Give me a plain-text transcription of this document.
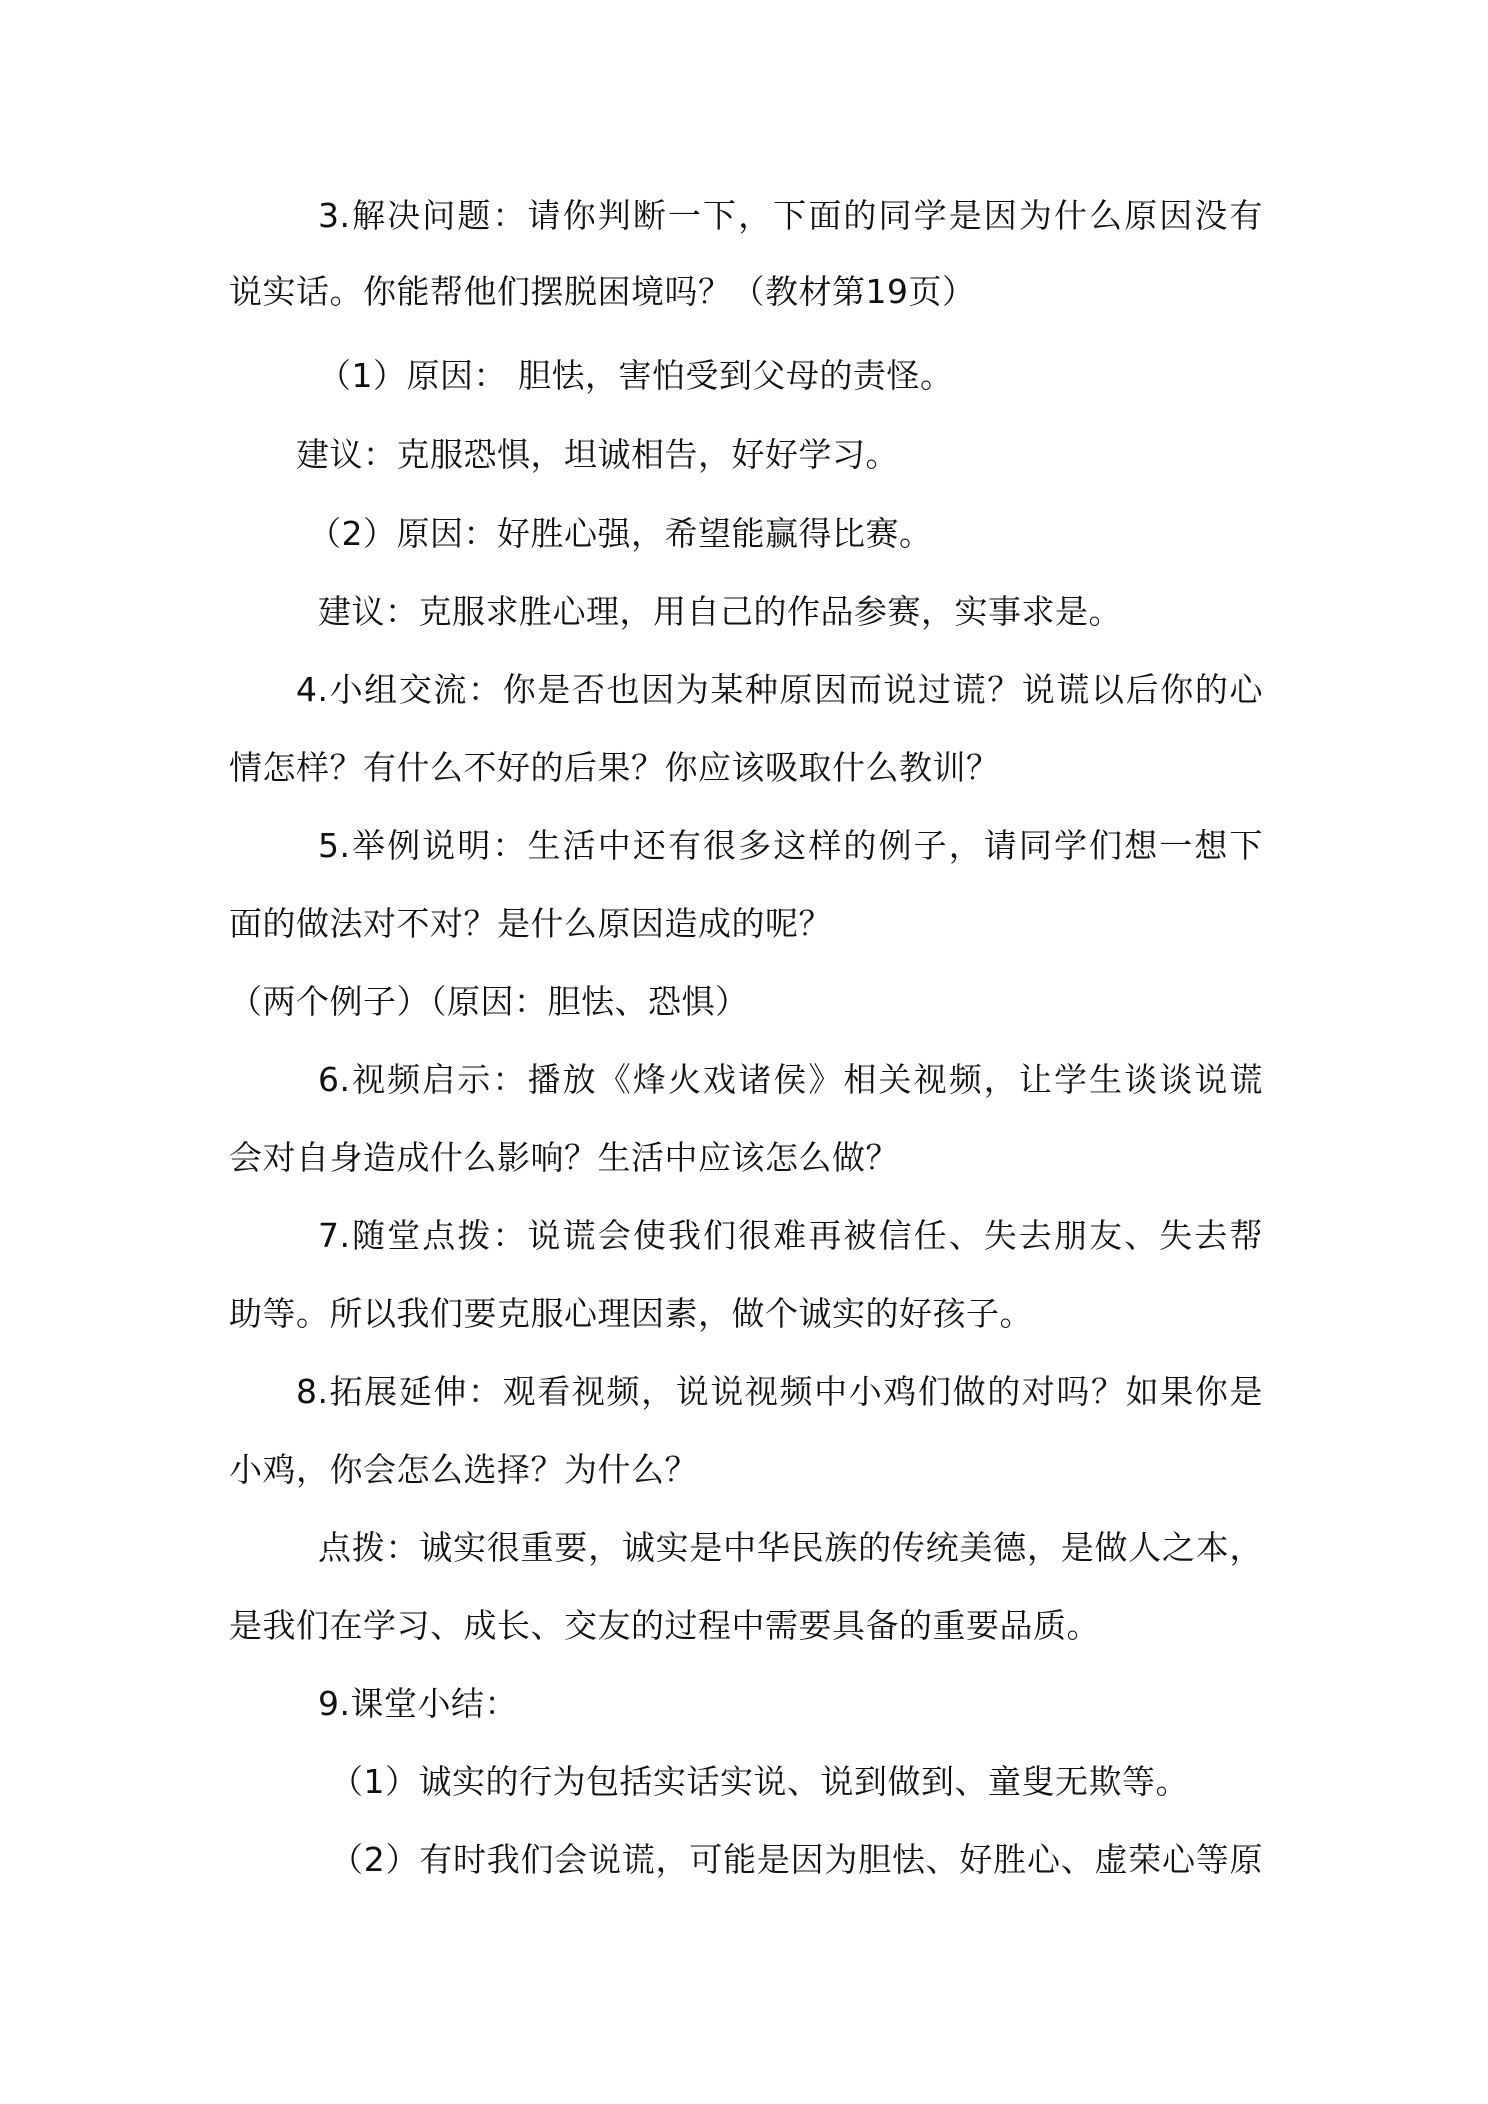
3.解决问题：请你判断一下，下面的同学是因为什么原因没有
说实话。你能帮他们摆脱困境吗？（教材第19页）
（1）原因： 胆怯，害怕受到父母的责怪。
建议：克服恐惧，坦诚相告，好好学习。
（2）原因：好胜心强，希望能赢得比赛。
建议：克服求胜心理，用自己的作品参赛，实事求是。
4.小组交流：你是否也因为某种原因而说过谎？说谎以后你的心
情怎样？有什么不好的后果？你应该吸取什么教训？
5.举例说明：生活中还有很多这样的例子，请同学们想一想下
面的做法对不对？是什么原因造成的呢？
（两个例子）（原因：胆怯、恐惧）
6.视频启示：播放《烽火戏诸侯》相关视频，让学生谈谈说谎
会对自身造成什么影响？生活中应该怎么做？
7.随堂点拨：说谎会使我们很难再被信任、失去朋友、失去帮
助等。所以我们要克服心理因素，做个诚实的好孩子。
8.拓展延伸：观看视频，说说视频中小鸡们做的对吗？如果你是
小鸡，你会怎么选择？为什么？
点拨：诚实很重要，诚实是中华民族的传统美德，是做人之本，
是我们在学习、成长、交友的过程中需要具备的重要品质。
9.课堂小结：
（1）诚实的行为包括实话实说、说到做到、童叟无欺等。
（2）有时我们会说谎，可能是因为胆怯、好胜心、虚荣心等原
